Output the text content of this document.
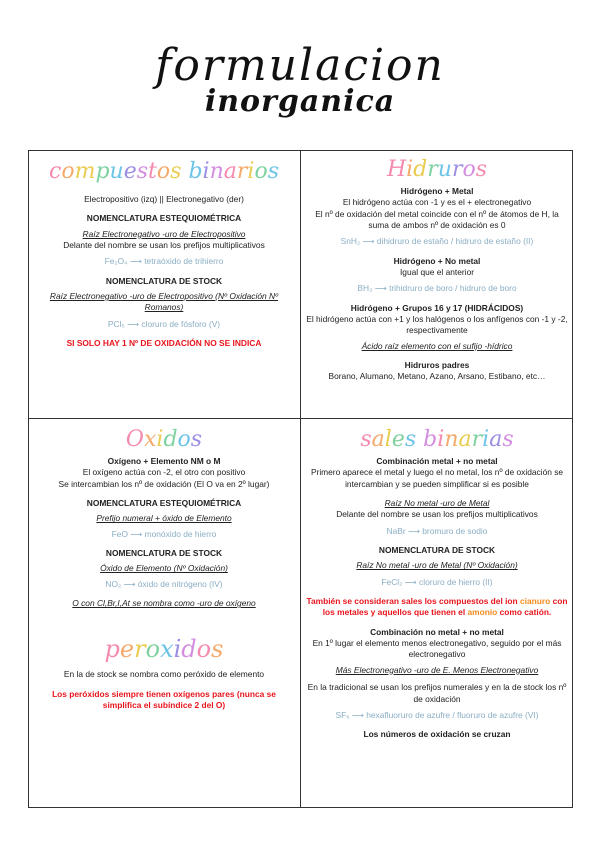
formulacion
inorganica
compuestos binarios

Electropositivo (izq) || Electronegativo (der)

NOMENCLATURA ESTEQUIOMÉTRICA

Raíz Electronegativo -uro de Electropositivo

Delante del nombre se usan los prefijos multiplicativos

Fe₂O₄ ⟶ tetraóxido de trihierro

NOMENCLATURA DE STOCK

Raíz Electronegativo -uro de Electropositivo (Nº Oxidación Nº Romanos)

PCl₅ ⟶ cloruro de fósforo (V)

SI SOLO HAY 1 Nº DE OXIDACIÓN NO SE INDICA

Hidruros

Hidrógeno + Metal

El hidrógeno actúa con -1 y es el + electronegativo

El nº de oxidación del metal coincide con el nº de átomos de H, la suma de ambos nº de oxidación es 0

SnH₂ ⟶ dihidruro de estaño / hidruro de estaño (II)

Hidrógeno + No metal

Igual que el anterior

BH₃ ⟶ trihidruro de boro / hidruro de boro

Hidrógeno + Grupos 16 y 17 (HIDRÁCIDOS)

El hidrógeno actúa con +1 y los halógenos o los anfígenos con -1 y -2, respectivamente

Ácido raíz elemento con el sufijo -hídrico

Hidruros padres

Borano, Alumano, Metano, Azano, Arsano, Estibano, etc…

Oxidos

Oxígeno + Elemento NM o M

El oxígeno actúa con -2, el otro con positivo

Se intercambian los nº de oxidación (El O va en 2º lugar)

NOMENCLATURA ESTEQUIOMÉTRICA

Prefijo numeral + óxido de Elemento

FeO ⟶ monóxido de hierro

NOMENCLATURA DE STOCK

Óxido de Elemento (Nº Oxidación)

NO₂ ⟶ óxido de nitrógeno (IV)

O con Cl,Br,I,At se nombra como -uro de oxígeno

peroxidos

En la de stock se nombra como peróxido de elemento

Los peróxidos siempre tienen oxígenos pares (nunca se simplifica el subíndice 2 del O)

sales binarias

Combinación metal + no metal

Primero aparece el metal y luego el no metal, los nº de oxidación se intercambian y se pueden simplificar si es posible

Raíz No metal -uro de Metal

Delante del nombre se usan los prefijos multiplicativos

NaBr ⟶ bromuro de sodio

NOMENCLATURA DE STOCK

Raíz No metal -uro de Metal (Nº Oxidación)

FeCl₂ ⟶ cloruro de hierro (II)

También se consideran sales los compuestos del ion cianuro con los metales y aquellos que tienen el amonio como catión.

Combinación no metal + no metal

En 1º lugar el elemento menos electronegativo, seguido por el más electronegativo

Más Electronegativo -uro de E. Menos Electronegativo

En la tradicional se usan los prefijos numerales y en la de stock los nº de oxidación

SF₆ ⟶ hexafluoruro de azufre / fluoruro de azufre (VI)

Los números de oxidación se cruzan
